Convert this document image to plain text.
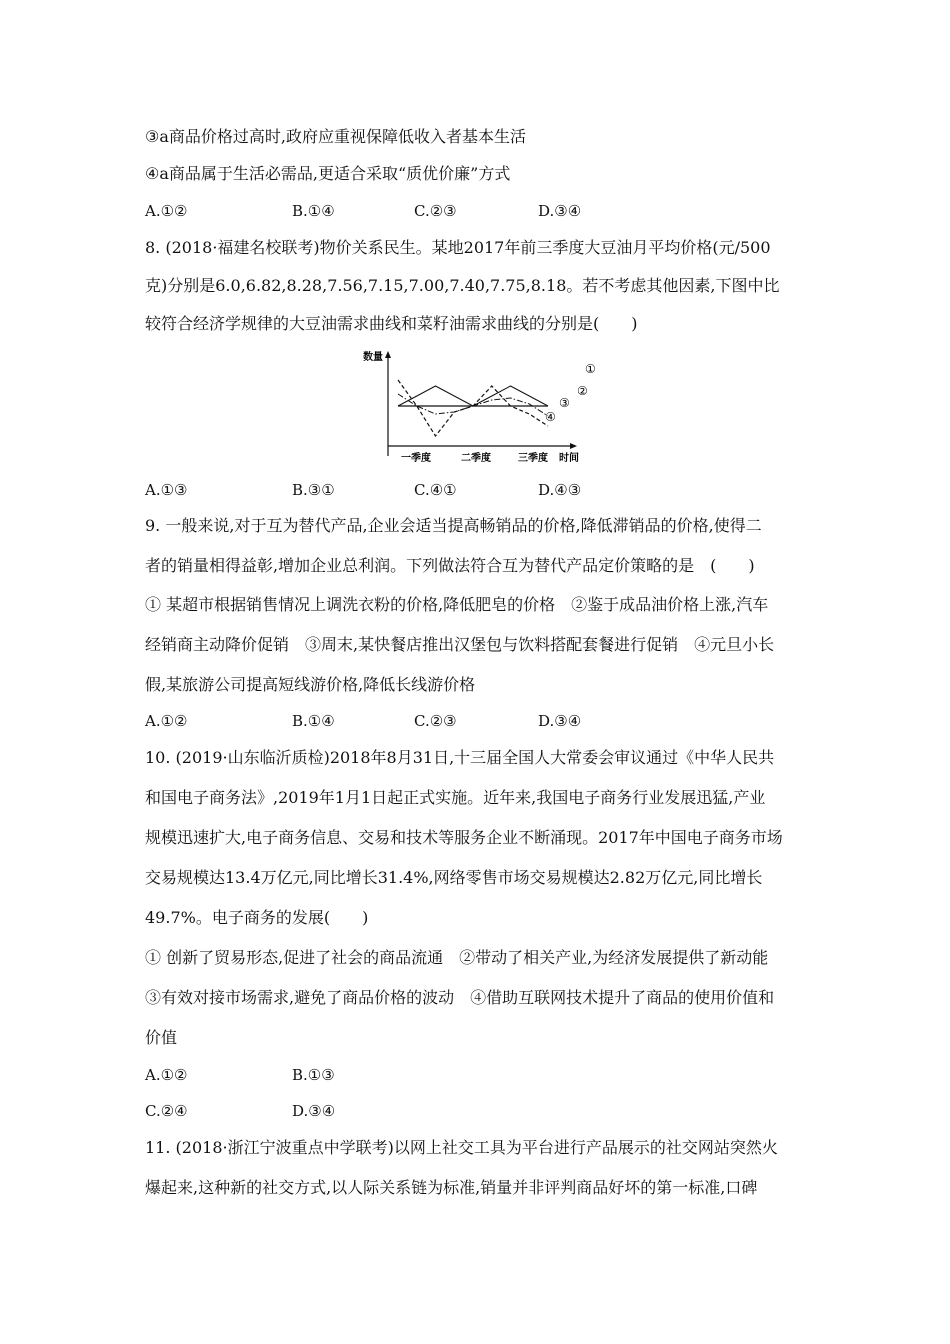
③a商品价格过高时,政府应重视保障低收入者基本生活
④a商品属于生活必需品,更适合采取“质优价廉”方式
A.①②	B.①④	C.②③	D.③④
8. (2018·福建名校联考)物价关系民生。某地2017年前三季度大豆油月平均价格(元/500
克)分别是6.0,6.82,8.28,7.56,7.15,7.00,7.40,7.75,8.18。若不考虑其他因素,下图中比
较符合经济学规律的大豆油需求曲线和菜籽油需求曲线的分别是(　　)
数量
一季度	二季度	三季度 时间
①
②
③
④
A.①③	B.③①	C.④①	D.④③
9. 一般来说,对于互为替代产品,企业会适当提高畅销品的价格,降低滞销品的价格,使得二
者的销量相得益彰,增加企业总利润。下列做法符合互为替代产品定价策略的是　(　　)
① 某超市根据销售情况上调洗衣粉的价格,降低肥皂的价格　②鉴于成品油价格上涨,汽车
经销商主动降价促销　③周末,某快餐店推出汉堡包与饮料搭配套餐进行促销　④元旦小长
假,某旅游公司提高短线游价格,降低长线游价格
A.①②	B.①④	C.②③	D.③④
10. (2019·山东临沂质检)2018年8月31日,十三届全国人大常委会审议通过《中华人民共
和国电子商务法》,2019年1月1日起正式实施。近年来,我国电子商务行业发展迅猛,产业
规模迅速扩大,电子商务信息、交易和技术等服务企业不断涌现。2017年中国电子商务市场
交易规模达13.4万亿元,同比增长31.4%,网络零售市场交易规模达2.82万亿元,同比增长
49.7%。电子商务的发展(　　)
① 创新了贸易形态,促进了社会的商品流通　②带动了相关产业,为经济发展提供了新动能
③有效对接市场需求,避免了商品价格的波动　④借助互联网技术提升了商品的使用价值和
价值
A.①②	B.①③
C.②④	D.③④
11. (2018·浙江宁波重点中学联考)以网上社交工具为平台进行产品展示的社交网站突然火
爆起来,这种新的社交方式,以人际关系链为标准,销量并非评判商品好坏的第一标准,口碑
